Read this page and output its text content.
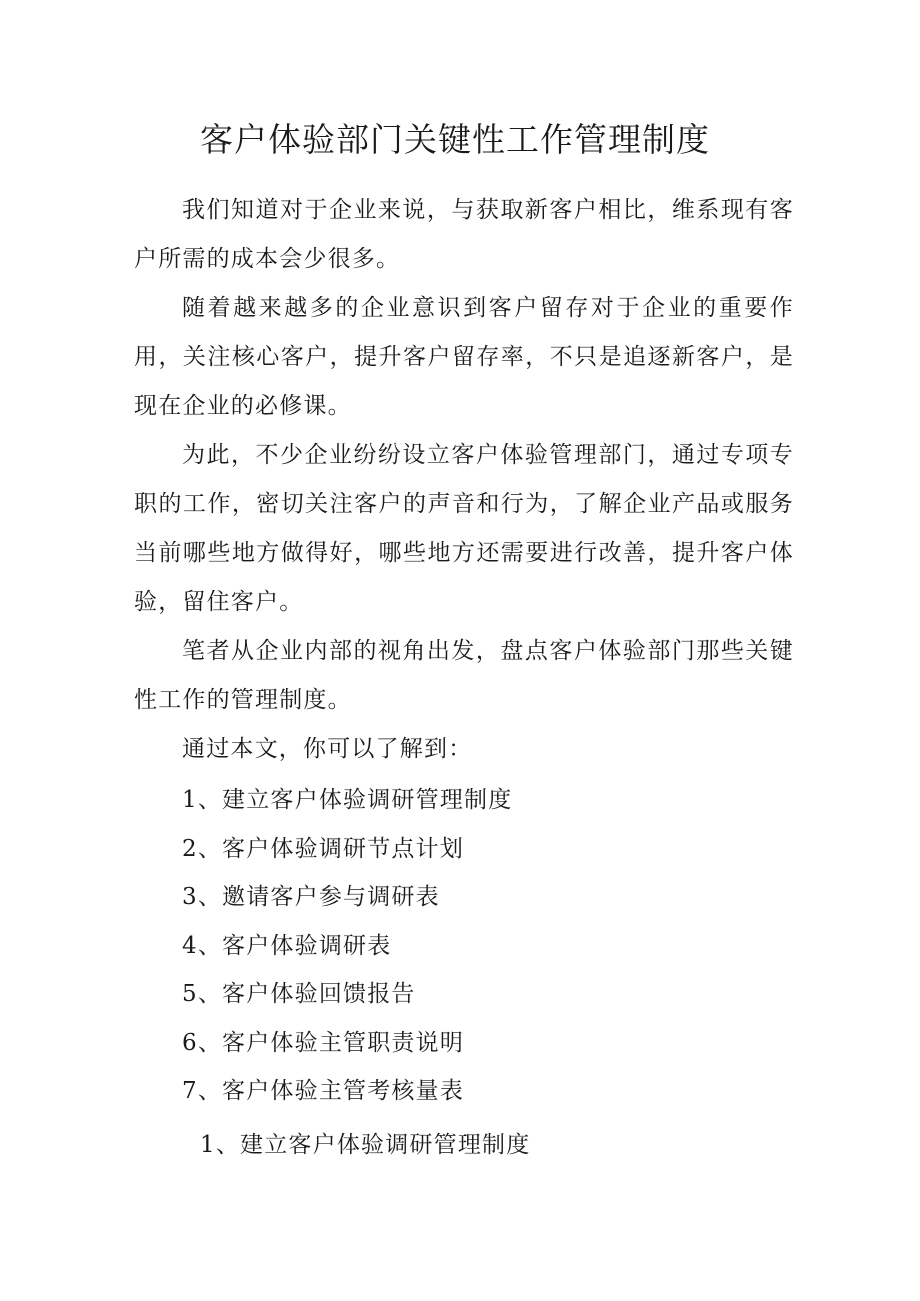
客户体验部门关键性工作管理制度

我们知道对于企业来说，与获取新客户相比，维系现有客户所需的成本会少很多。

随着越来越多的企业意识到客户留存对于企业的重要作用，关注核心客户，提升客户留存率，不只是追逐新客户，是现在企业的必修课。

为此，不少企业纷纷设立客户体验管理部门，通过专项专职的工作，密切关注客户的声音和行为，了解企业产品或服务当前哪些地方做得好，哪些地方还需要进行改善，提升客户体验，留住客户。

笔者从企业内部的视角出发，盘点客户体验部门那些关键性工作的管理制度。

通过本文，你可以了解到：

1、建立客户体验调研管理制度
2、客户体验调研节点计划
3、邀请客户参与调研表
4、客户体验调研表
5、客户体验回馈报告
6、客户体验主管职责说明
7、客户体验主管考核量表
1、建立客户体验调研管理制度
